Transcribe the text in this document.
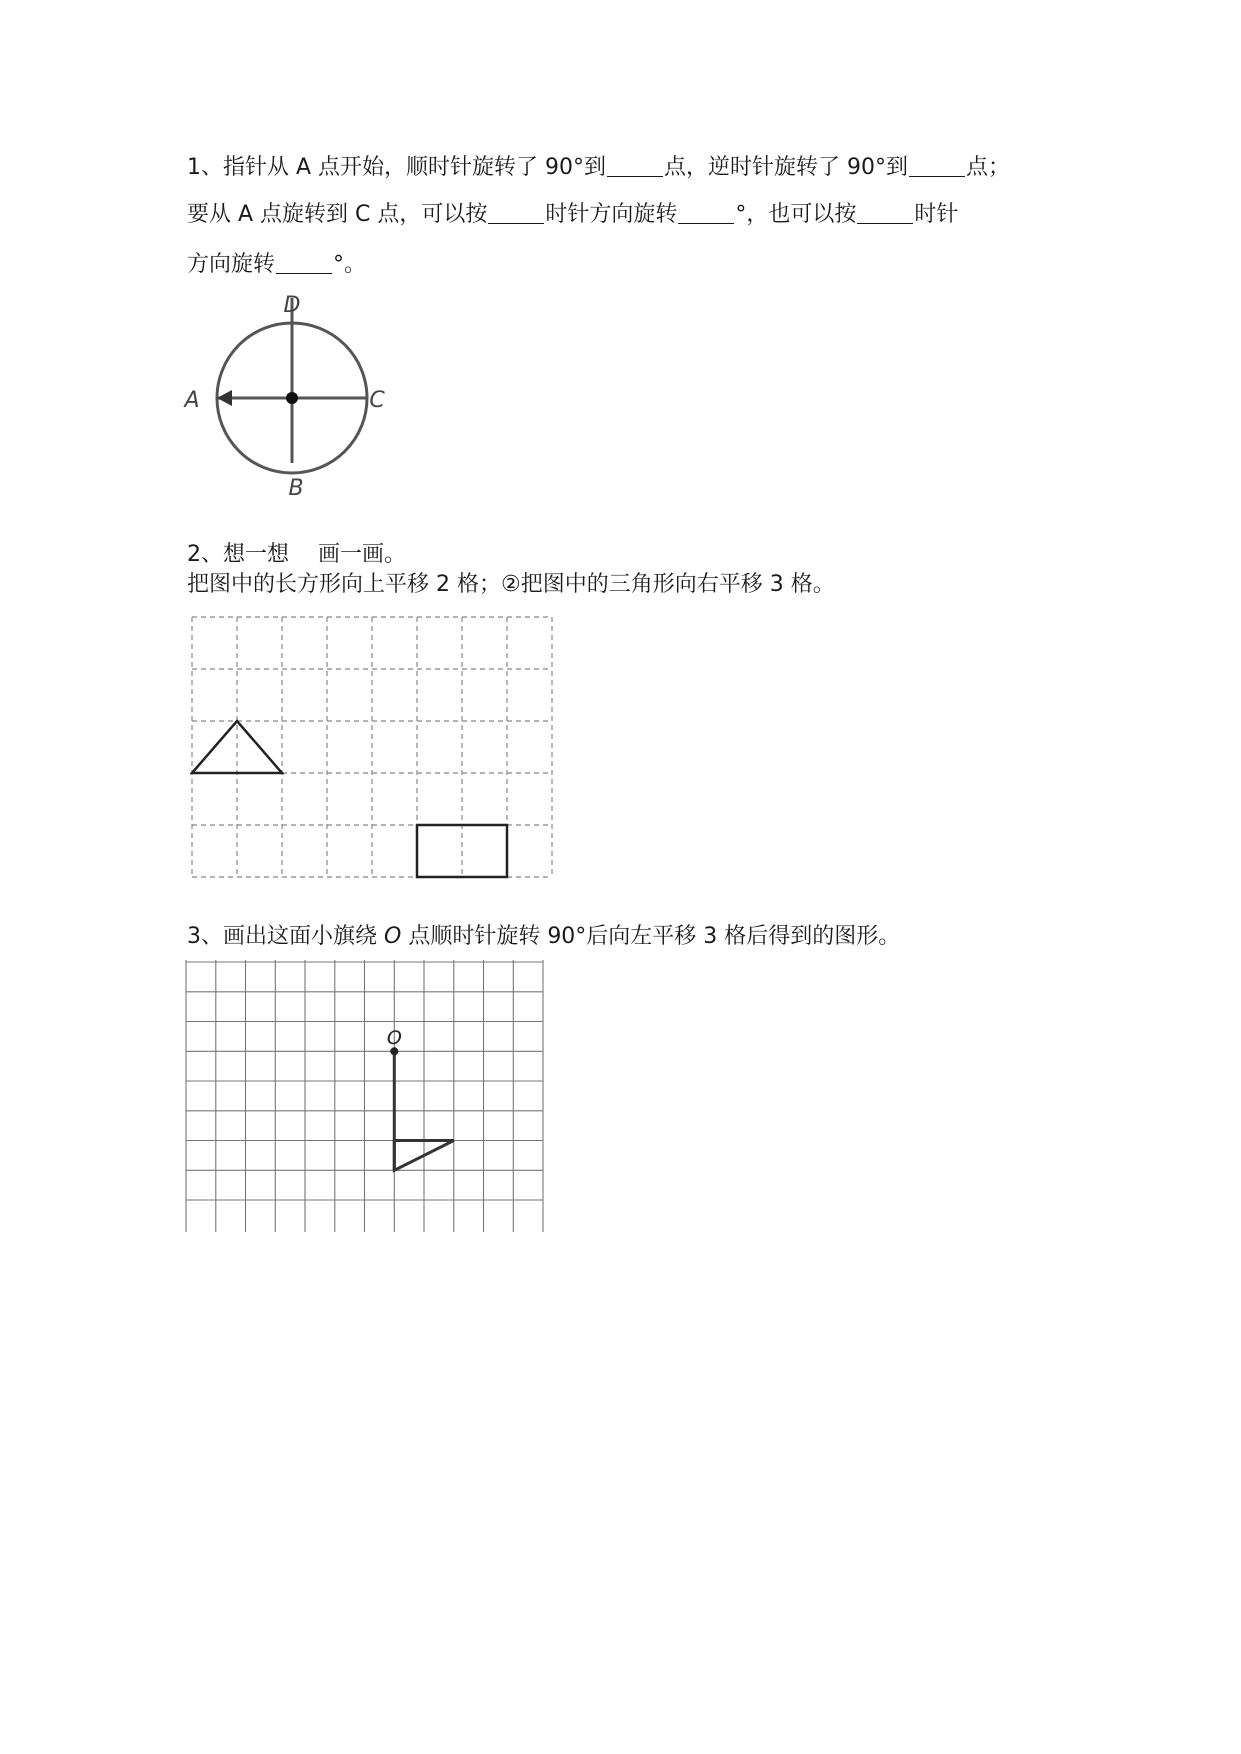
1、指针从 A 点开始，顺时针旋转了 90°到	点，逆时针旋转了 90°到	点；
要从 A 点旋转到 C 点，可以按	时针方向旋转	°，也可以按	时针
方向旋转	°。
D
A	C
B
2、想一想　 画一画。
把图中的长方形向上平移 2 格；②把图中的三角形向右平移 3 格。
3、画出这面小旗绕 O 点顺时针旋转 90°后向左平移 3 格后得到的图形。
O
